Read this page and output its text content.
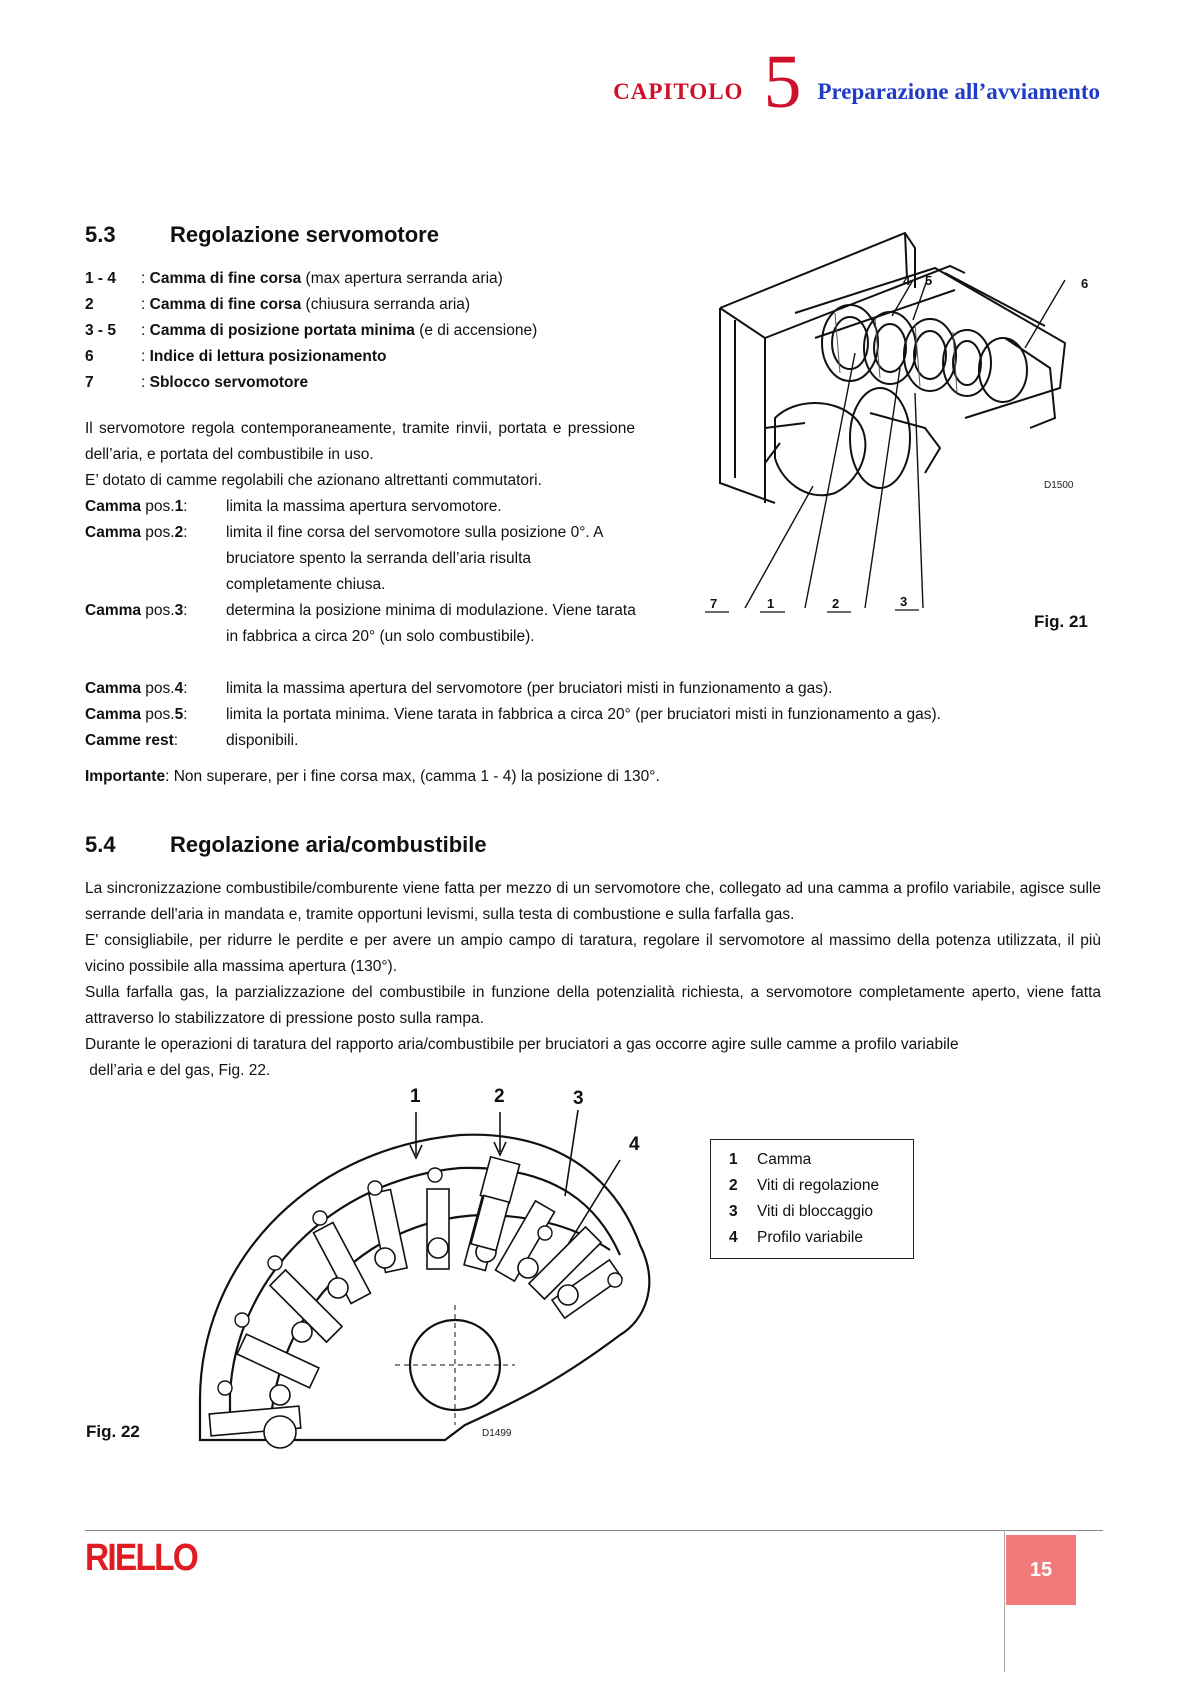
CAPITOLO 5 Preparazione all’avviamento
5.3 Regolazione servomotore
1 - 4 : Camma di fine corsa (max apertura serranda aria)
2	: Camma di fine corsa (chiusura serranda aria)
3 - 5 : Camma di posizione portata minima (e di accensione)
6	: Indice di lettura posizionamento
7	: Sblocco servomotore
Il servomotore regola contemporaneamente, tramite rinvii, portata e pressione dell’aria, e portata del combustibile in uso.
E’ dotato di camme regolabili che azionano altrettanti commutatori.
Camma pos.1:	limita la massima apertura servomotore.
Camma pos.2:	limita il fine corsa del servomotore sulla posizione 0°. A bruciatore spento la serranda dell’aria risulta completamente chiusa.
Camma pos.3:	determina la posizione minima di modulazione. Viene tarata in fabbrica a circa 20° (un solo combustibile).
Camma pos.4:	limita la massima apertura del servomotore (per bruciatori misti in funzionamento a gas).
Camma pos.5:	limita la portata minima. Viene tarata in fabbrica a circa 20° (per bruciatori misti in funzionamento a gas).
Camme rest:	disponibili.
Importante: Non superare, per i fine corsa max, (camma 1 - 4) la posizione di 130°.
4 5	6
7	1	2	3
D1500
Fig. 21
5.4 Regolazione aria/combustibile
La sincronizzazione combustibile/comburente viene fatta per mezzo di un servomotore che, collegato ad una camma a profilo variabile, agisce sulle serrande dell'aria in mandata e, tramite opportuni levismi, sulla testa di combustione e sulla farfalla gas.
E' consigliabile, per ridurre le perdite e per avere un ampio campo di taratura, regolare il servomotore al massimo della potenza utilizzata, il più vicino possibile alla massima apertura (130°).
Sulla farfalla gas, la parzializzazione del combustibile in funzione della potenzialità richiesta, a servomotore completamente aperto, viene fatta attraverso lo stabilizzatore di pressione posto sulla rampa.
Durante le operazioni di taratura del rapporto aria/combustibile per bruciatori a gas occorre agire sulle camme a profilo variabile
dell’aria e del gas, Fig. 22.
1	2	3
4
D1499
Fig. 22
1 Camma
2 Viti di regolazione
3 Viti di bloccaggio
4 Profilo variabile
RIELLO	15
